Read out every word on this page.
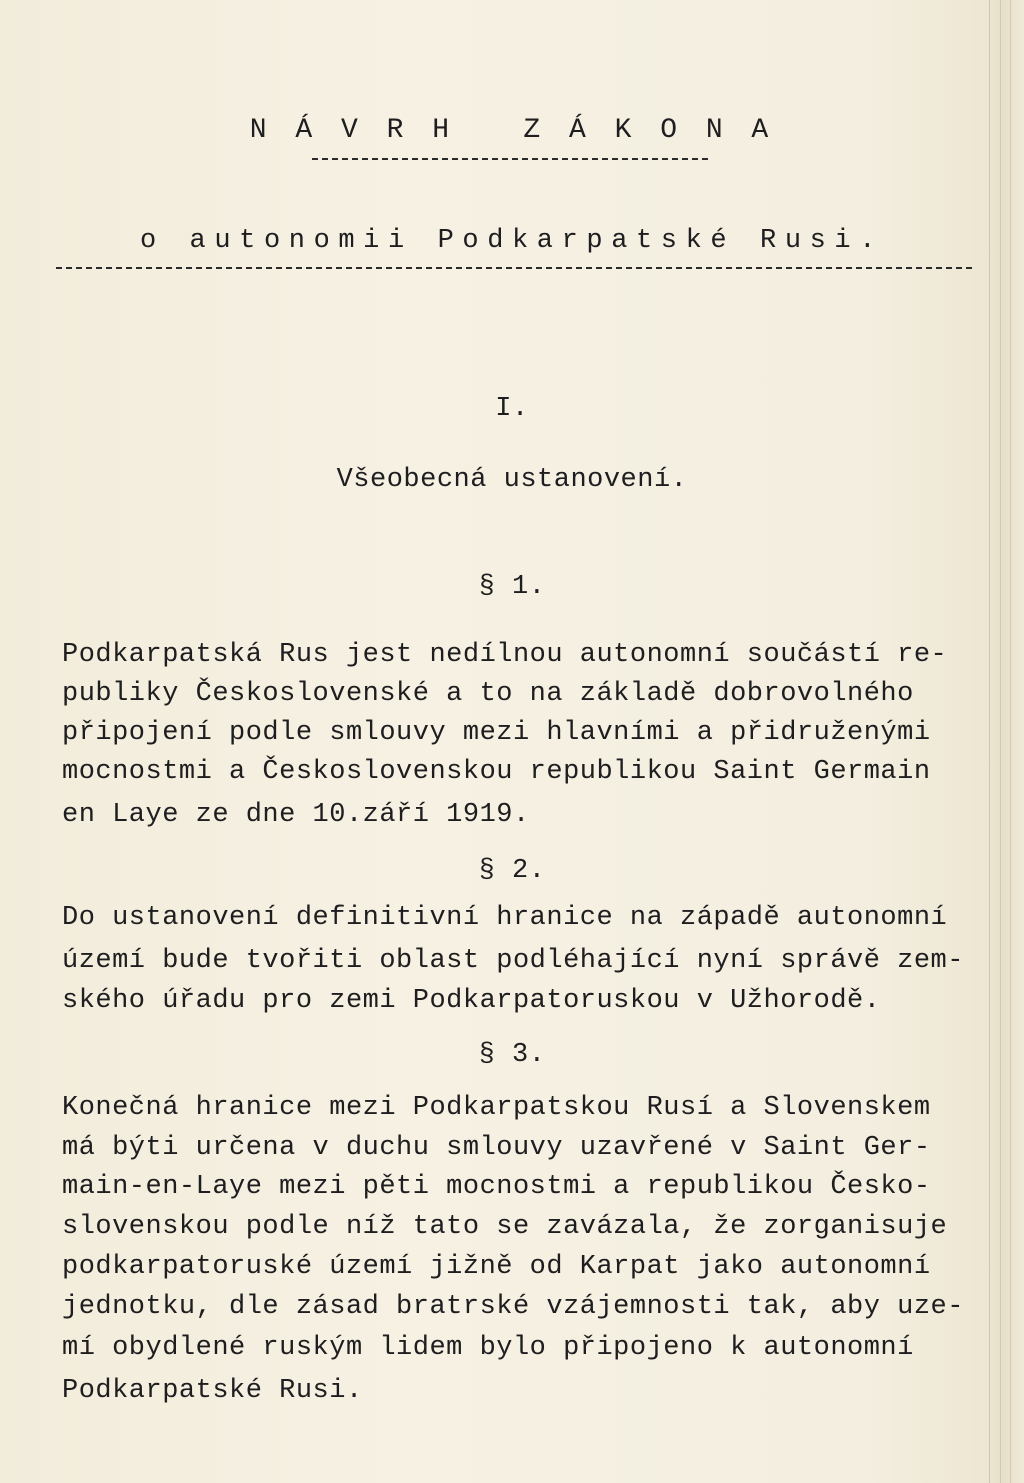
N Á V R H   Z Á K O N A
o autonomii Podkarpatské Rusi.
I.
Všeobecná ustanovení.
§ 1.
Podkarpatská Rus jest nedílnou autonomní součástí re-
publiky Československé a to na základě dobrovolného
připojení podle smlouvy mezi hlavními a přidruženými
mocnostmi a Československou republikou Saint Germain
en Laye ze dne 10.září 1919.
§ 2.
Do ustanovení definitivní hranice na západě autonomní
území bude tvořiti oblast podléhající nyní správě zem-
ského úřadu pro zemi Podkarpatoruskou v Užhorodě.
§ 3.
Konečná hranice mezi Podkarpatskou Rusí a Slovenskem
má býti určena v duchu smlouvy uzavřené v Saint Ger-
main-en-Laye mezi pěti mocnostmi a republikou Česko-
slovenskou podle níž tato se zavázala, že zorganisuje
podkarpatoruské území jižně od Karpat jako autonomní
jednotku, dle zásad bratrské vzájemnosti tak, aby uze-
mí obydlené ruským lidem bylo připojeno k autonomní
Podkarpatské Rusi.
